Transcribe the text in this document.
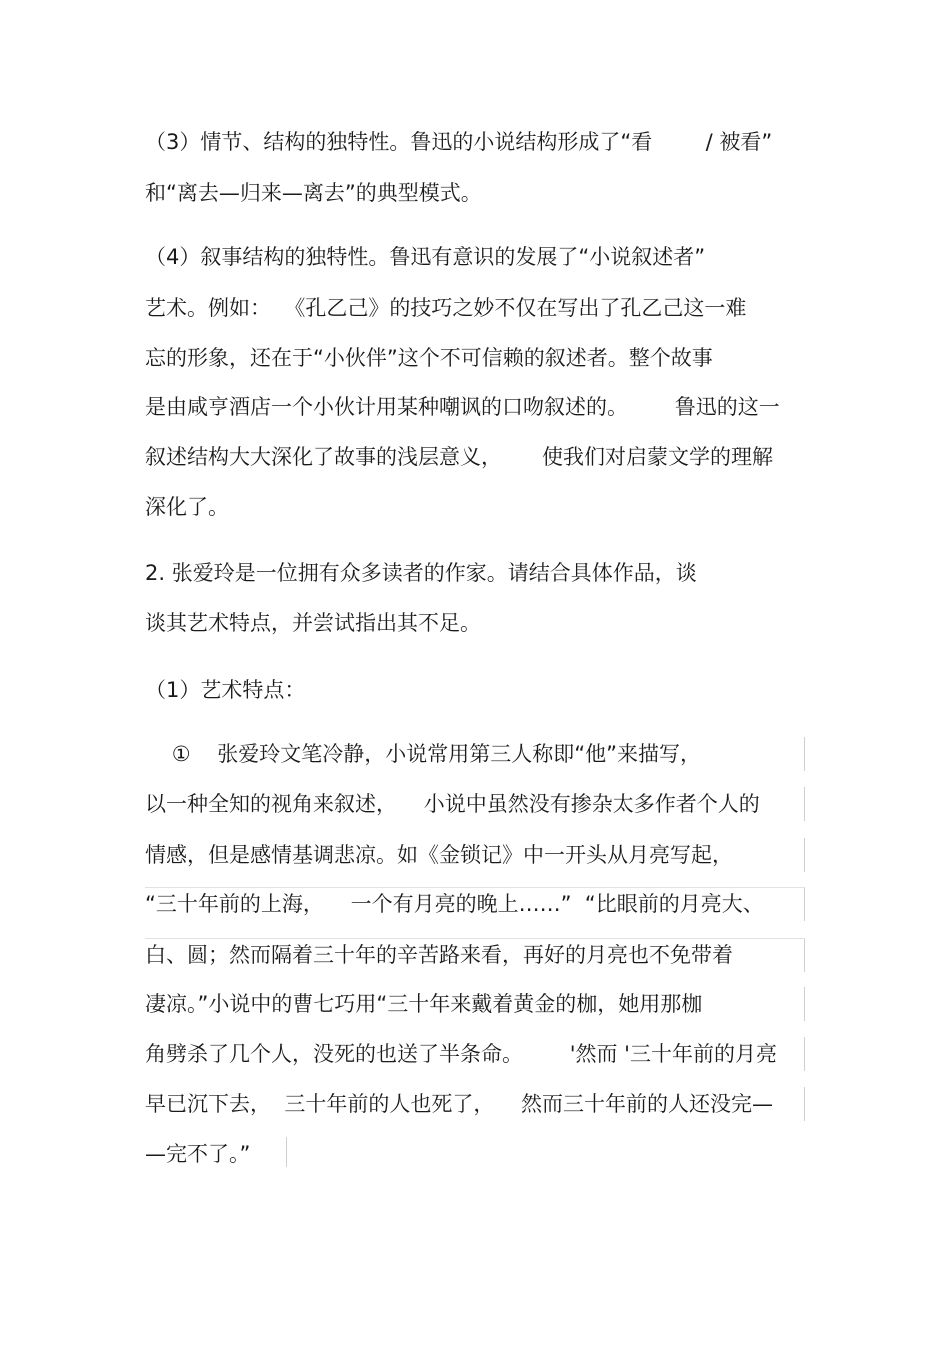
（3）情节、结构的独特性。鲁迅的小说结构形成了“看        / 被看”
和“离去—归来—离去”的典型模式。
（4）叙事结构的独特性。鲁迅有意识的发展了“小说叙述者”
艺术。例如：  《孔乙己》的技巧之妙不仅在写出了孔乙己这一难
忘的形象，还在于“小伙伴”这个不可信赖的叙述者。整个故事
是由咸亨酒店一个小伙计用某种嘲讽的口吻叙述的。       鲁迅的这一
叙述结构大大深化了故事的浅层意义，      使我们对启蒙文学的理解
深化了。
2. 张爱玲是一位拥有众多读者的作家。请结合具体作品，谈
谈其艺术特点，并尝试指出其不足。
（1）艺术特点：
①    张爱玲文笔冷静，小说常用第三人称即“他”来描写，
以一种全知的视角来叙述，    小说中虽然没有掺杂太多作者个人的
情感，但是感情基调悲凉。如《金锁记》中一开头从月亮写起，
“三十年前的上海，    一个有月亮的晚上……”  “比眼前的月亮大、
白、圆；然而隔着三十年的辛苦路来看，再好的月亮也不免带着
凄凉。”小说中的曹七巧用“三十年来戴着黄金的枷，她用那枷
角劈杀了几个人，没死的也送了半条命。       '然而 '三十年前的月亮
早已沉下去，  三十年前的人也死了，    然而三十年前的人还没完—
—完不了。”
